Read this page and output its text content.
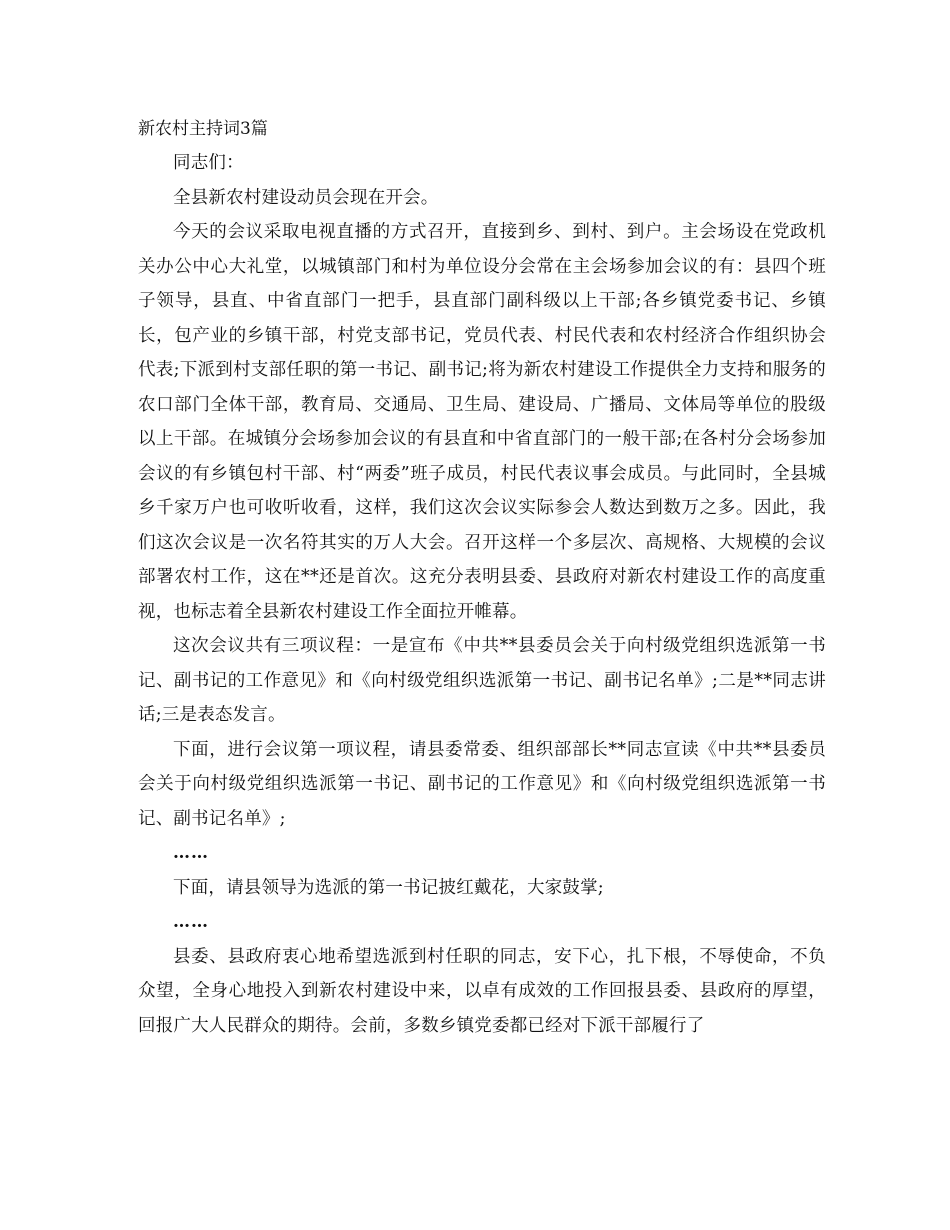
新农村主持词3篇

同志们：

全县新农村建设动员会现在开会。

今天的会议采取电视直播的方式召开，直接到乡、到村、到户。主会场设在党政机关办公中心大礼堂，以城镇部门和村为单位设分会常在主会场参加会议的有：县四个班子领导，县直、中省直部门一把手，县直部门副科级以上干部;各乡镇党委书记、乡镇长，包产业的乡镇干部，村党支部书记，党员代表、村民代表和农村经济合作组织协会代表;下派到村支部任职的第一书记、副书记;将为新农村建设工作提供全力支持和服务的农口部门全体干部，教育局、交通局、卫生局、建设局、广播局、文体局等单位的股级以上干部。在城镇分会场参加会议的有县直和中省直部门的一般干部;在各村分会场参加会议的有乡镇包村干部、村“两委”班子成员，村民代表议事会成员。与此同时，全县城乡千家万户也可收听收看，这样，我们这次会议实际参会人数达到数万之多。因此，我们这次会议是一次名符其实的万人大会。召开这样一个多层次、高规格、大规模的会议部署农村工作，这在**还是首次。这充分表明县委、县政府对新农村建设工作的高度重视，也标志着全县新农村建设工作全面拉开帷幕。

这次会议共有三项议程：一是宣布《中共**县委员会关于向村级党组织选派第一书记、副书记的工作意见》和《向村级党组织选派第一书记、副书记名单》;二是**同志讲话;三是表态发言。

下面，进行会议第一项议程，请县委常委、组织部部长**同志宣读《中共**县委员会关于向村级党组织选派第一书记、副书记的工作意见》和《向村级党组织选派第一书记、副书记名单》;

……

下面，请县领导为选派的第一书记披红戴花，大家鼓掌;

……

县委、县政府衷心地希望选派到村任职的同志，安下心，扎下根，不辱使命，不负众望，全身心地投入到新农村建设中来，以卓有成效的工作回报县委、县政府的厚望，回报广大人民群众的期待。会前，多数乡镇党委都已经对下派干部履行了
